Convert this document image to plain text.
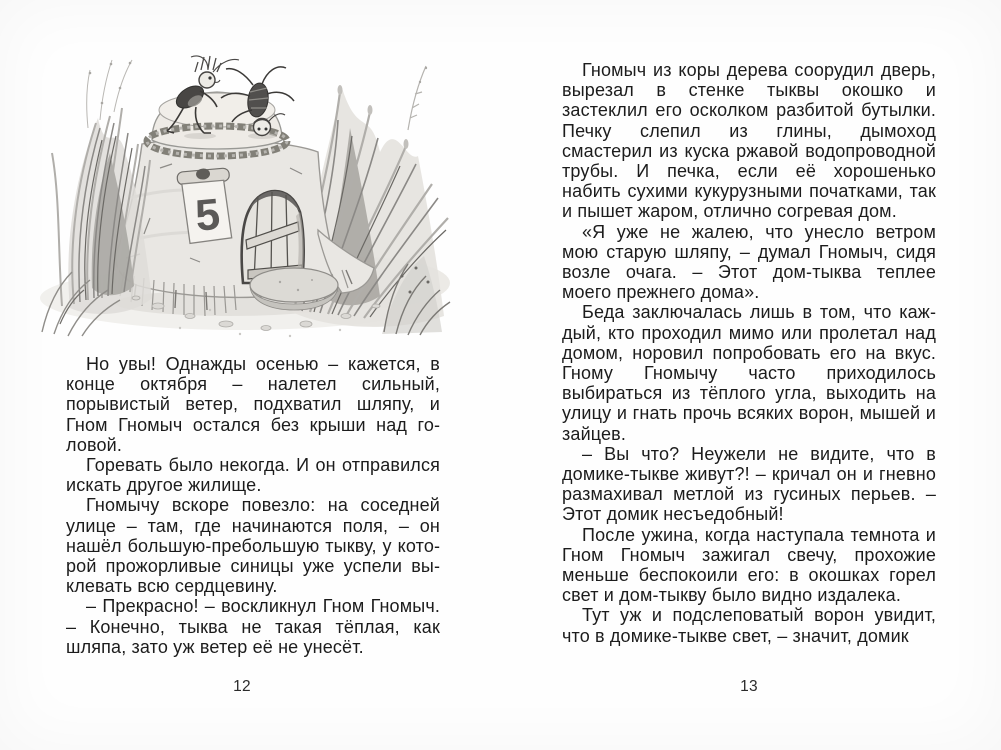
5

Но увы! Однажды осенью – кажется, в конце октября – налетел сильный, порывистый ветер, подхватил шляпу, и Гном Гномыч остался без крыши над головой.

Горевать было некогда. И он отправился искать другое жилище.

Гномычу вскоре повезло: на соседней улице – там, где начинаются поля, – он нашёл большую-пребольшую тыкву, у которой прожорливые синицы уже успели выклевать всю сердцевину.

– Прекрасно! – воскликнул Гном Гномыч. – Конечно, тыква не такая тёплая, как шляпа, зато уж ветер её не унесёт.

12

Гномыч из коры дерева соорудил дверь, вырезал в стенке тыквы окошко и застеклил его осколком разбитой бутылки. Печку слепил из глины, дымоход смастерил из куска ржавой водопроводной трубы. И печка, если её хорошенько набить сухими кукурузными початками, так и пышет жаром, отлично согревая дом.

«Я уже не жалею, что унесло ветром мою старую шляпу, – думал Гномыч, сидя возле очага. – Этот дом-тыква теплее моего прежнего дома».

Беда заключалась лишь в том, что каждый, кто проходил мимо или пролетал над домом, норовил попробовать его на вкус. Гному Гномычу часто приходилось выбираться из тёплого угла, выходить на улицу и гнать прочь всяких ворон, мышей и зайцев.

– Вы что? Неужели не видите, что в домике-тыкве живут?! – кричал он и гневно размахивал метлой из гусиных перьев. – Этот домик несъедобный!

После ужина, когда наступала темнота и Гном Гномыч зажигал свечу, прохожие меньше беспокоили его: в окошках горел свет и дом-тыкву было видно издалека.

Тут уж и подслеповатый ворон увидит, что в домике-тыкве свет, – значит, домик

13
